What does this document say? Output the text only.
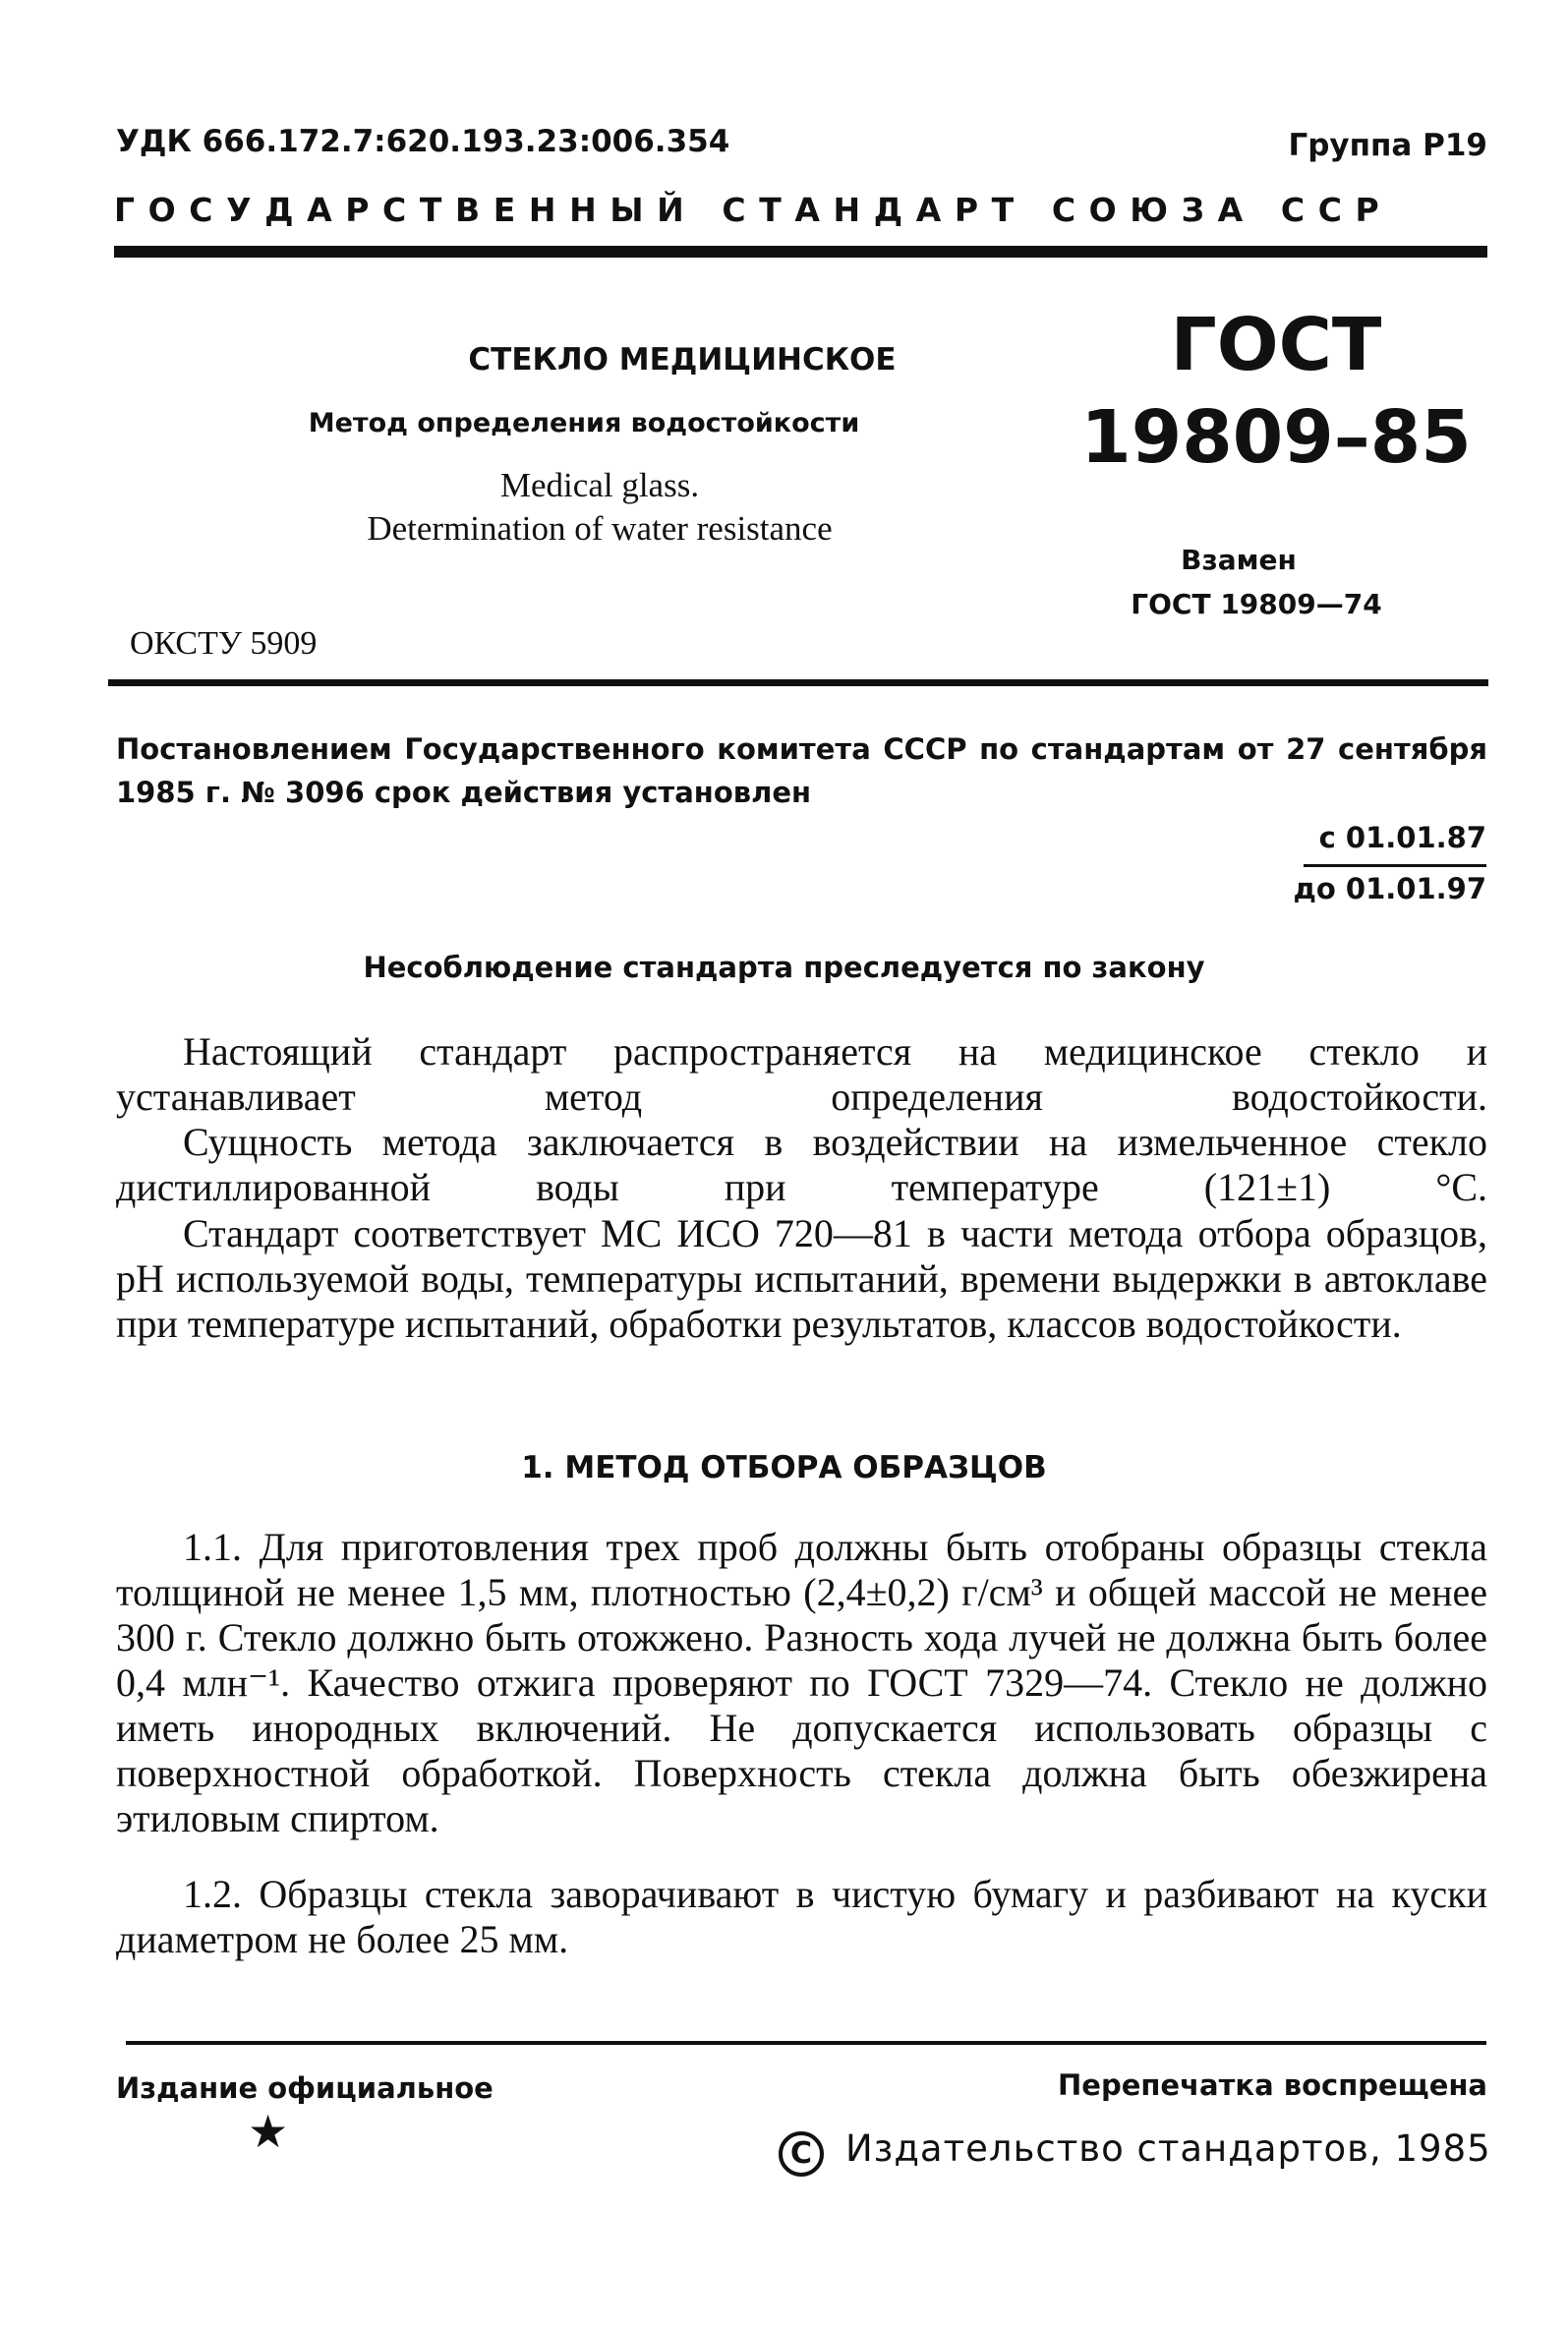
УДК 666.172.7:620.193.23:006.354	Группа Р19
ГОСУДАРСТВЕННЫЙ СТАНДАРТ СОЮЗА ССР
СТЕКЛО МЕДИЦИНСКОЕ
Метод определения водостойкости
Medical glass.
Determination of water resistance
ГОСТ
19809–85
Взамен
ГОСТ 19809—74
ОКСТУ 5909
Постановлением Государственного комитета СССР по стандартам от 27 сентября 1985 г. № 3096 срок действия установлен
с 01.01.87
до 01.01.97
Несоблюдение стандарта преследуется по закону

Настоящий стандарт распространяется на медицинское стекло и устанавливает метод определения водостойкости.

Сущность метода заключается в воздействии на измельченное стекло дистиллированной воды при температуре (121±1) °С.

Стандарт соответствует МС ИСО 720—81 в части метода отбора образцов, pH используемой воды, температуры испытаний, времени выдержки в автоклаве при температуре испытаний, обработки результатов, классов водостойкости.

1. МЕТОД ОТБОРА ОБРАЗЦОВ

1.1. Для приготовления трех проб должны быть отобраны образцы стекла толщиной не менее 1,5 мм, плотностью (2,4±0,2) г/см³ и общей массой не менее 300 г. Стекло должно быть отожжено. Разность хода лучей не должна быть более 0,4 млн⁻¹. Качество отжига проверяют по ГОСТ 7329—74. Стекло не должно иметь инородных включений. Не допускается использовать образцы с поверхностной обработкой. Поверхность стекла должна быть обезжирена этиловым спиртом.

1.2. Образцы стекла заворачивают в чистую бумагу и разбивают на куски диаметром не более 25 мм.

Издание официальное	Перепечатка воспрещена
★	C Издательство стандартов, 1985
